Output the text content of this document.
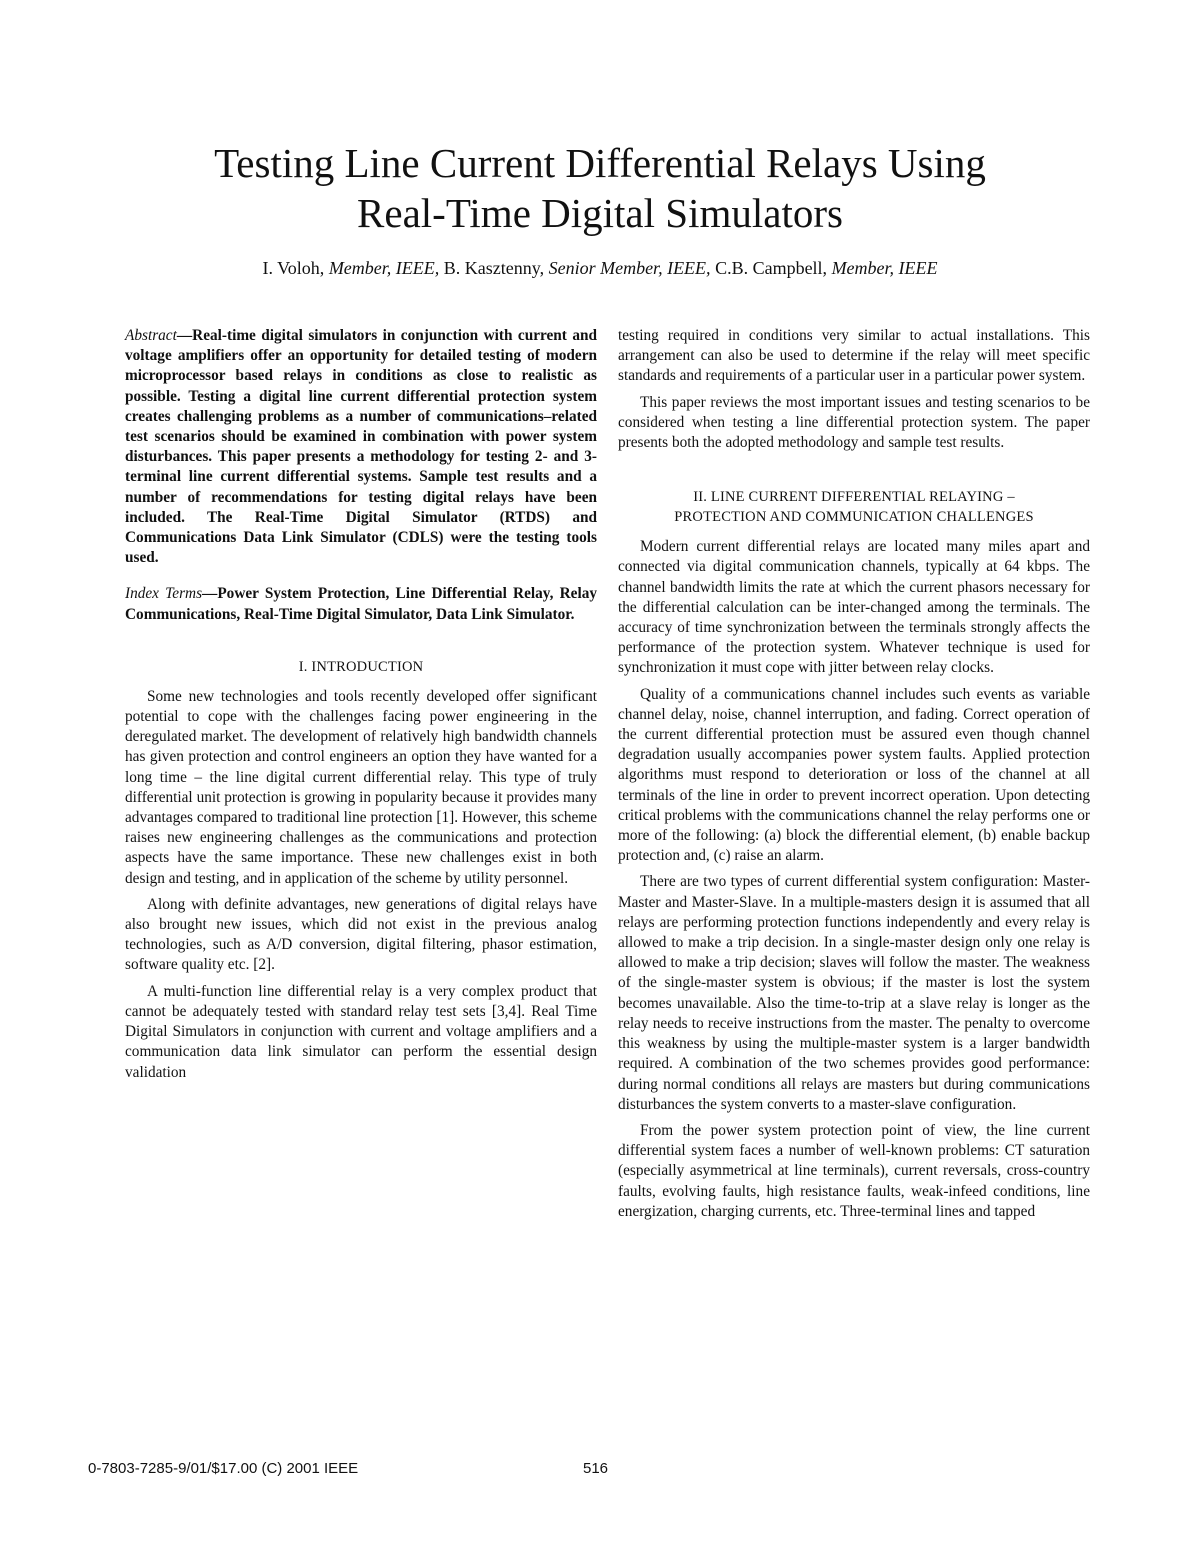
Testing Line Current Differential Relays Using
Real-Time Digital Simulators
I. Voloh, Member, IEEE, B. Kasztenny, Senior Member, IEEE, C.B. Campbell, Member, IEEE
Abstract—Real-time digital simulators in conjunction with current and voltage amplifiers offer an opportunity for detailed testing of modern microprocessor based relays in conditions as close to realistic as possible. Testing a digital line current differential protection system creates challenging problems as a number of communications–related test scenarios should be examined in combination with power system disturbances. This paper presents a methodology for testing 2- and 3-terminal line current differential systems. Sample test results and a number of recommendations for testing digital relays have been included. The Real-Time Digital Simulator (RTDS) and Communications Data Link Simulator (CDLS) were the testing tools used.
Index Terms—Power System Protection, Line Differential Relay, Relay Communications, Real-Time Digital Simulator, Data Link Simulator.
I. INTRODUCTION

Some new technologies and tools recently developed offer significant potential to cope with the challenges facing power engineering in the deregulated market. The development of relatively high bandwidth channels has given protection and control engineers an option they have wanted for a long time – the line digital current differential relay. This type of truly differential unit protection is growing in popularity because it provides many advantages compared to traditional line protection [1]. However, this scheme raises new engineering challenges as the communications and protection aspects have the same importance. These new challenges exist in both design and testing, and in application of the scheme by utility personnel.

Along with definite advantages, new generations of digital relays have also brought new issues, which did not exist in the previous analog technologies, such as A/D conversion, digital filtering, phasor estimation, software quality etc. [2].

A multi-function line differential relay is a very complex product that cannot be adequately tested with standard relay test sets [3,4]. Real Time Digital Simulators in conjunction with current and voltage amplifiers and a communication data link simulator can perform the essential design validation

testing required in conditions very similar to actual installations. This arrangement can also be used to determine if the relay will meet specific standards and requirements of a particular user in a particular power system.

This paper reviews the most important issues and testing scenarios to be considered when testing a line differential protection system. The paper presents both the adopted methodology and sample test results.

II. LINE CURRENT DIFFERENTIAL RELAYING –
PROTECTION AND COMMUNICATION CHALLENGES

Modern current differential relays are located many miles apart and connected via digital communication channels, typically at 64 kbps. The channel bandwidth limits the rate at which the current phasors necessary for the differential calculation can be inter-changed among the terminals. The accuracy of time synchronization between the terminals strongly affects the performance of the protection system. Whatever technique is used for synchronization it must cope with jitter between relay clocks.

Quality of a communications channel includes such events as variable channel delay, noise, channel interruption, and fading. Correct operation of the current differential protection must be assured even though channel degradation usually accompanies power system faults. Applied protection algorithms must respond to deterioration or loss of the channel at all terminals of the line in order to prevent incorrect operation. Upon detecting critical problems with the communications channel the relay performs one or more of the following: (a) block the differential element, (b) enable backup protection and, (c) raise an alarm.

There are two types of current differential system configuration: Master-Master and Master-Slave. In a multiple-masters design it is assumed that all relays are performing protection functions independently and every relay is allowed to make a trip decision. In a single-master design only one relay is allowed to make a trip decision; slaves will follow the master. The weakness of the single-master system is obvious; if the master is lost the system becomes unavailable. Also the time-to-trip at a slave relay is longer as the relay needs to receive instructions from the master. The penalty to overcome this weakness by using the multiple-master system is a larger bandwidth required. A combination of the two schemes provides good performance: during normal conditions all relays are masters but during communications disturbances the system converts to a master-slave configuration.

From the power system protection point of view, the line current differential system faces a number of well-known problems: CT saturation (especially asymmetrical at line terminals), current reversals, cross-country faults, evolving faults, high resistance faults, weak-infeed conditions, line energization, charging currents, etc. Three-terminal lines and tapped

0-7803-7285-9/01/$17.00 (C) 2001 IEEE	516
